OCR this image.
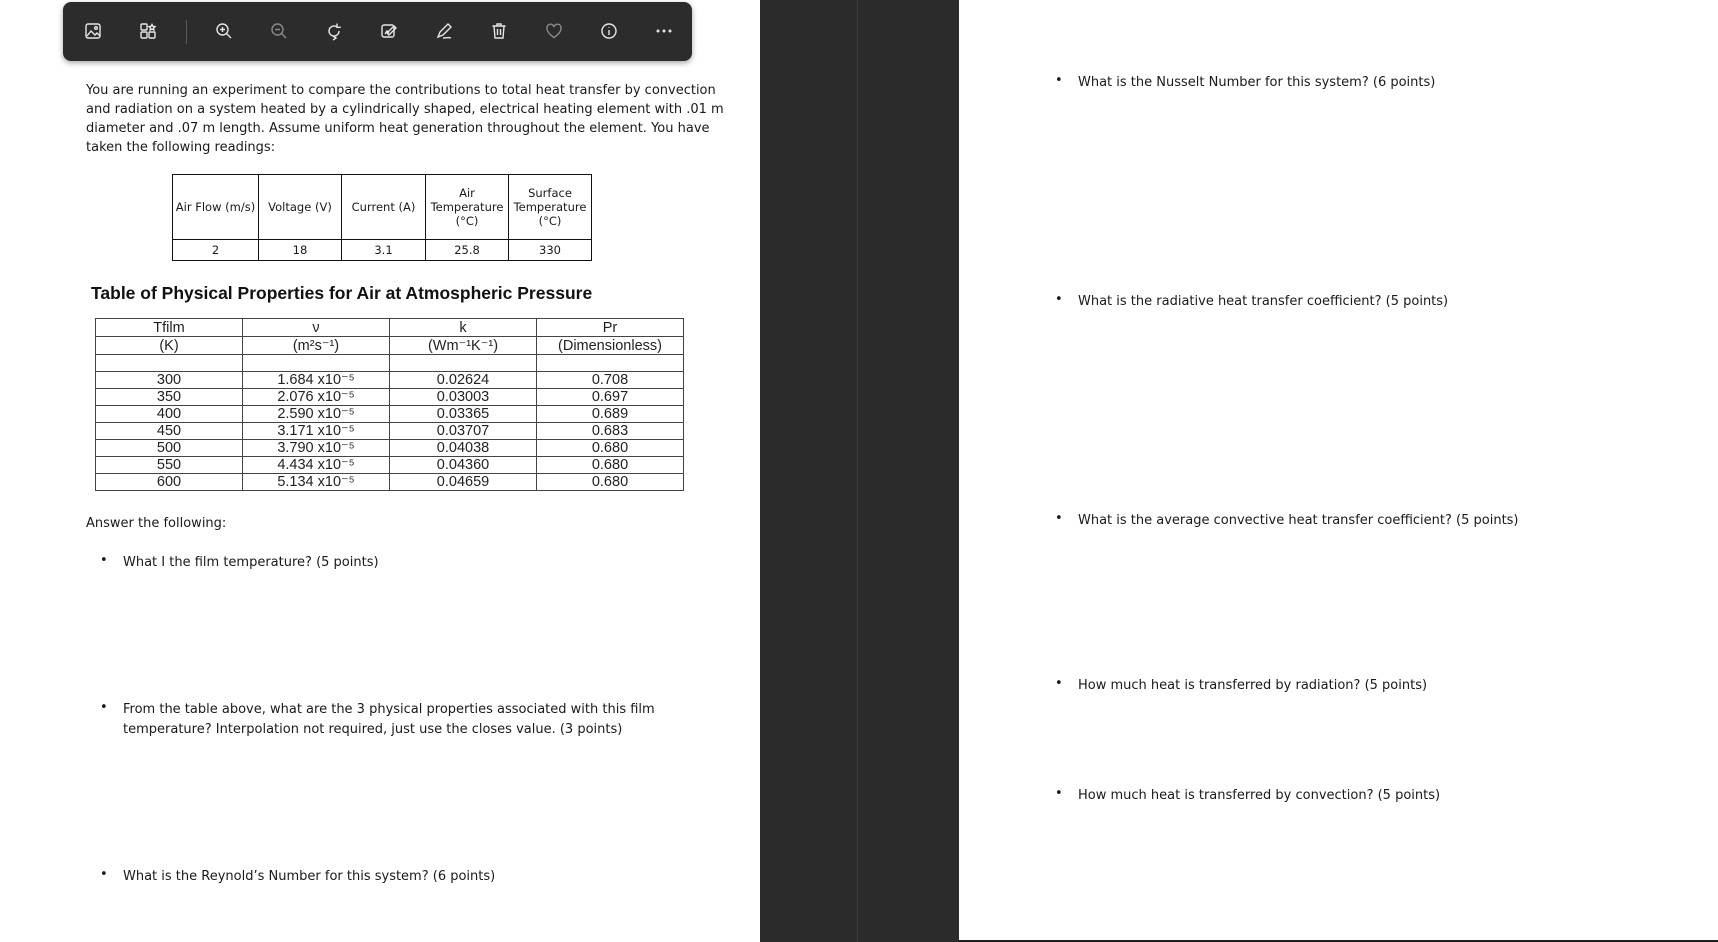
You are running an experiment to compare the contributions to total heat transfer by convection
and radiation on a system heated by a cylindrically shaped, electrical heating element with .01 m
diameter and .07 m length. Assume uniform heat generation throughout the element. You have
taken the following readings:
Air Flow (m/s)	Voltage (V)	Current (A)	Air Temperature (°C)	Surface Temperature (°C)
2	18	3.1	25.8	330
Table of Physical Properties for Air at Atmospheric Pressure
Tfilm	ν	k	Pr
(K)	(m²s⁻¹)	(Wm⁻¹K⁻¹)	(Dimensionless)

300	1.684 x10⁻⁵	0.02624	0.708
350	2.076 x10⁻⁵	0.03003	0.697
400	2.590 x10⁻⁵	0.03365	0.689
450	3.171 x10⁻⁵	0.03707	0.683
500	3.790 x10⁻⁵	0.04038	0.680
550	4.434 x10⁻⁵	0.04360	0.680
600	5.134 x10⁻⁵	0.04659	0.680
Answer the following:
• What I the film temperature? (5 points)
• From the table above, what are the 3 physical properties associated with this film
temperature? Interpolation not required, just use the closes value. (3 points)
• What is the Reynold’s Number for this system? (6 points)
• What is the Nusselt Number for this system? (6 points)
• What is the radiative heat transfer coefficient? (5 points)
• What is the average convective heat transfer coefficient? (5 points)
• How much heat is transferred by radiation? (5 points)
• How much heat is transferred by convection? (5 points)
